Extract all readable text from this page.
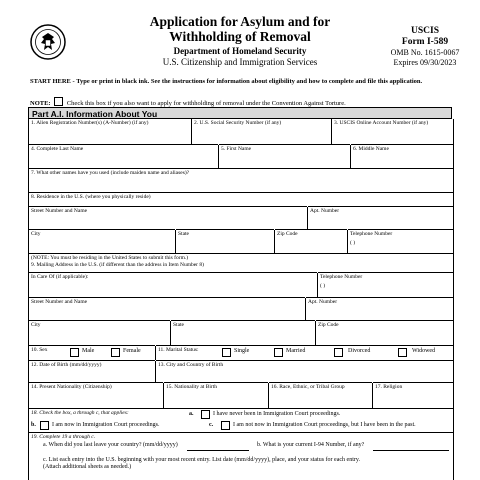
Application for Asylum and for
Withholding of Removal
Department of Homeland Security
U.S. Citizenship and Immigration Services
USCIS
Form I-589
OMB No. 1615-0067
Expires 09/30/2023
START HERE - Type or print in black ink. See the instructions for information about eligibility and how to complete and file this application.
NOTE:	Check this box if you also want to apply for withholding of removal under the Convention Against Torture.
Part A.I. Information About You
1. Alien Registration Number(s) (A-Number) (if any)	2. U.S. Social Security Number (if any)	3. USCIS Online Account Number (if any)
4. Complete Last Name	5. First Name	6. Middle Name
7. What other names have you used (include maiden name and aliases)?
8. Residence in the U.S. (where you physically reside)
Street Number and Name	Apt. Number
City	State	Zip Code	Telephone Number
( )
(NOTE: You must be residing in the United States to submit this form.)
9. Mailing Address in the U.S. (if different than the address in Item Number 8)
In Care Of (if applicable):	Telephone Number
( )
Street Number and Name	Apt. Number
City	State	Zip Code
10. Sex	Male	Female	11. Marital Status:	Single	Married	Divorced	Widowed
12. Date of Birth (mm/dd/yyyy)	13. City and Country of Birth
14. Present Nationality (Citizenship)	15. Nationality at Birth	16. Race, Ethnic, or Tribal Group	17. Religion
18. Check the box, a through c, that applies:	a.	I have never been in Immigration Court proceedings.
b.	I am now in Immigration Court proceedings.	c.	I am not now in Immigration Court proceedings, but I have been in the past.
19. Complete 19 a through c.
a. When did you last leave your country? (mm/dd/yyyy)	b. What is your current I-94 Number, if any?
c. List each entry into the U.S. beginning with your most recent entry. List date (mm/dd/yyyy), place, and your status for each entry.
(Attach additional sheets as needed.)
